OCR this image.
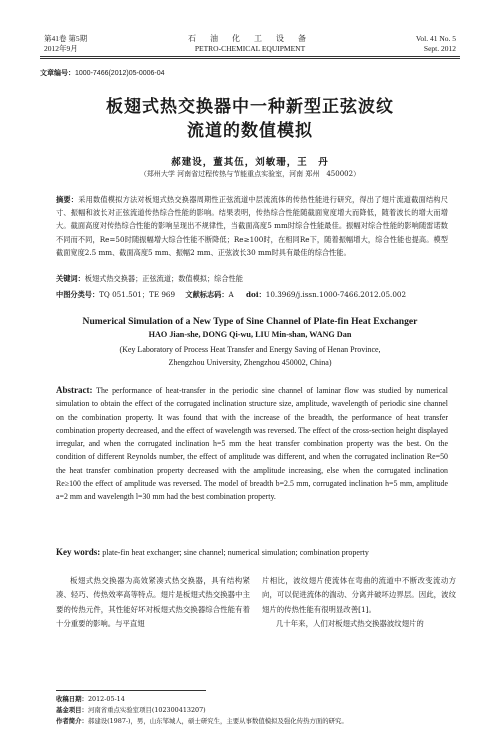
第41卷 第5期
2012年9月
石 油 化 工 设 备
PETRO-CHEMICAL EQUIPMENT
Vol. 41 No. 5
Sept. 2012
文章编号：1000-7466(2012)05-0006-04
板翅式热交换器中一种新型正弦波纹
流道的数值模拟
郝建设，董其伍，刘敏珊，王　丹
（郑州大学 河南省过程传热与节能重点实验室，河南 郑州　450002）
摘要：采用数值模拟方法对板翅式热交换器周期性正弦流道中层流流体的传热性能进行研究，得出了翅片流道截面结构尺寸、振幅和波长对正弦流道传热综合性能的影响。结果表明，传热综合性能随截面宽度增大而降低，随着波长的增大而增大。截面高度对传热综合性能的影响呈现出不规律性，当截面高度5 mm时综合性能最佳。振幅对综合性能的影响随雷诺数不同而不同，Re=50时随振幅增大综合性能不断降低；Re≥100时，在相同Re下，随着振幅增大，综合性能也提高。模型截面宽度2.5 mm、截面高度5 mm、振幅2 mm、正弦波长30 mm时具有最佳的综合性能。
关键词：板翅式热交换器；正弦流道；数值模拟；综合性能
中图分类号：TQ 051.501；TE 969 文献标志码：A doi：10.3969/j.issn.1000-7466.2012.05.002
Numerical Simulation of a New Type of Sine Channel of Plate-fin Heat Exchanger
HAO Jian-she, DONG Qi-wu, LIU Min-shan, WANG Dan
(Key Laboratory of Process Heat Transfer and Energy Saving of Henan Province,
Zhengzhou University, Zhengzhou 450002, China)
Abstract: The performance of heat-transfer in the periodic sine channel of laminar flow was studied by numerical simulation to obtain the effect of the corrugated inclination structure size, amplitude, wavelength of periodic sine channel on the combination property. It was found that with the increase of the breadth, the performance of heat transfer combination property decreased, and the effect of wavelength was reversed. The effect of the cross-section height displayed irregular, and when the corrugated inclination h=5 mm the heat transfer combination property was the best. On the condition of different Reynolds number, the effect of amplitude was different, and when the corrugated inclination Re=50 the heat transfer combination property decreased with the amplitude increasing, else when the corrugated inclination Re≥100 the effect of amplitude was reversed. The model of breadth b=2.5 mm, corrugated inclination h=5 mm, amplitude a=2 mm and wavelength l=30 mm had the best combination property.
Key words: plate-fin heat exchanger; sine channel; numerical simulation; combination property

板翅式热交换器为高效紧凑式热交换器，具有结构紧凑、轻巧、传热效率高等特点。翅片是板翅式热交换器中主要的传热元件，其性能好坏对板翅式热交换器综合性能有着十分重要的影响。与平直翅

片相比，波纹翅片使流体在弯曲的流道中不断改变流动方向，可以促进流体的湍动、分离并破坏边界层。因此，波纹翅片的传热性能有很明显改善[1]。

几十年来，人们对板翅式热交换器波纹翅片的

收稿日期：2012-05-14
基金项目：河南省重点实验室项目(102300413207)
作者简介：郝建设(1987-)，男，山东邹城人，硕士研究生，主要从事数值模拟及强化传热方面的研究。
